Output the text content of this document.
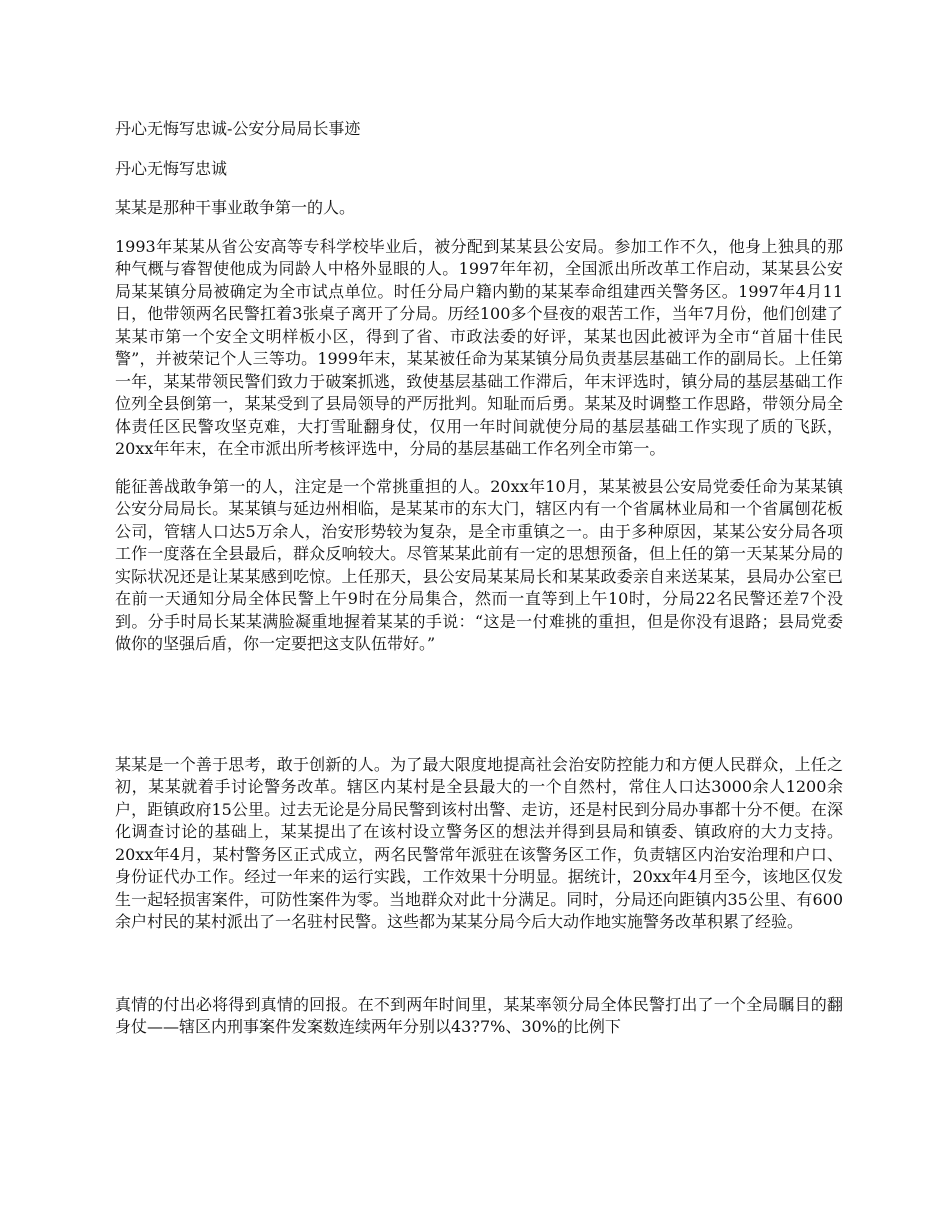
丹心无悔写忠诚-公安分局局长事迹

丹心无悔写忠诚

某某是那种干事业敢争第一的人。

1993年某某从省公安高等专科学校毕业后，被分配到某某县公安局。参加工作不久，他身上独具的那种气概与睿智使他成为同龄人中格外显眼的人。1997年年初，全国派出所改革工作启动，某某县公安局某某镇分局被确定为全市试点单位。时任分局户籍内勤的某某奉命组建西关警务区。1997年4月11日，他带领两名民警扛着3张桌子离开了分局。历经100多个昼夜的艰苦工作，当年7月份，他们创建了某某市第一个安全文明样板小区，得到了省、市政法委的好评，某某也因此被评为全市“首届十佳民警”，并被荣记个人三等功。1999年末，某某被任命为某某镇分局负责基层基础工作的副局长。上任第一年，某某带领民警们致力于破案抓逃，致使基层基础工作滞后，年末评选时，镇分局的基层基础工作位列全县倒第一，某某受到了县局领导的严厉批判。知耻而后勇。某某及时调整工作思路，带领分局全体责任区民警攻坚克难，大打雪耻翻身仗，仅用一年时间就使分局的基层基础工作实现了质的飞跃，20xx年年末，在全市派出所考核评选中，分局的基层基础工作名列全市第一。

能征善战敢争第一的人，注定是一个常挑重担的人。20xx年10月，某某被县公安局党委任命为某某镇公安分局局长。某某镇与延边州相临，是某某市的东大门，辖区内有一个省属林业局和一个省属刨花板公司，管辖人口达5万余人，治安形势较为复杂，是全市重镇之一。由于多种原因，某某公安分局各项工作一度落在全县最后，群众反响较大。尽管某某此前有一定的思想预备，但上任的第一天某某分局的实际状况还是让某某感到吃惊。上任那天，县公安局某某局长和某某政委亲自来送某某，县局办公室已在前一天通知分局全体民警上午9时在分局集合，然而一直等到上午10时，分局22名民警还差7个没到。分手时局长某某满脸凝重地握着某某的手说：“这是一付难挑的重担，但是你没有退路；县局党委做你的坚强后盾，你一定要把这支队伍带好。”

某某是一个善于思考，敢于创新的人。为了最大限度地提高社会治安防控能力和方便人民群众，上任之初，某某就着手讨论警务改革。辖区内某村是全县最大的一个自然村，常住人口达3000余人1200余户，距镇政府15公里。过去无论是分局民警到该村出警、走访，还是村民到分局办事都十分不便。在深化调查讨论的基础上，某某提出了在该村设立警务区的想法并得到县局和镇委、镇政府的大力支持。20xx年4月，某村警务区正式成立，两名民警常年派驻在该警务区工作，负责辖区内治安治理和户口、身份证代办工作。经过一年来的运行实践，工作效果十分明显。据统计，20xx年4月至今，该地区仅发生一起轻损害案件，可防性案件为零。当地群众对此十分满足。同时，分局还向距镇内35公里、有600余户村民的某村派出了一名驻村民警。这些都为某某分局今后大动作地实施警务改革积累了经验。

真情的付出必将得到真情的回报。在不到两年时间里，某某率领分局全体民警打出了一个全局瞩目的翻身仗——辖区内刑事案件发案数连续两年分别以43?7%、30%的比例下
